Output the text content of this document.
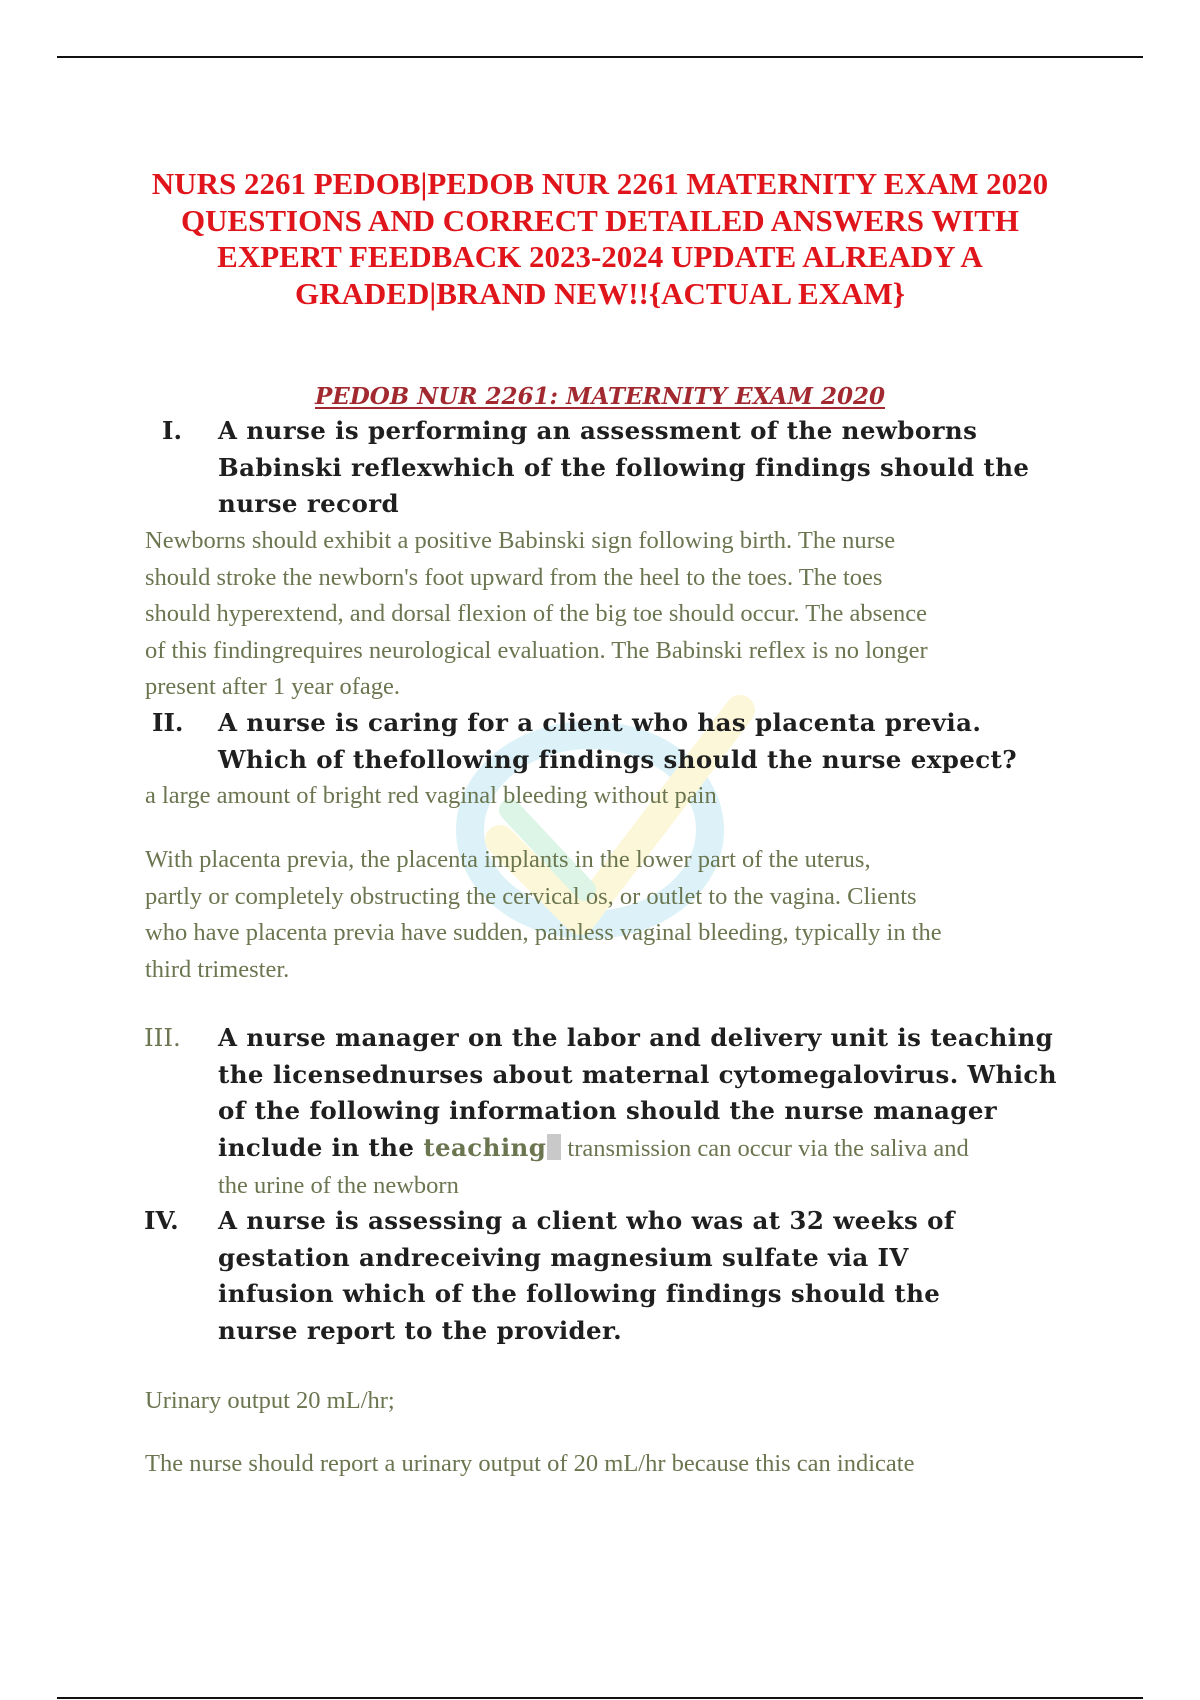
NURS 2261 PEDOB|PEDOB NUR 2261 MATERNITY EXAM 2020
QUESTIONS AND CORRECT DETAILED ANSWERS WITH
EXPERT FEEDBACK 2023-2024 UPDATE ALREADY A
GRADED|BRAND NEW!!{ACTUAL EXAM}
PEDOB NUR 2261: MATERNITY EXAM 2020
I. A nurse is performing an assessment of the newborns
Babinski reflexwhich of the following findings should the
nurse record

Newborns should exhibit a positive Babinski sign following birth. The nurse
should stroke the newborn's foot upward from the heel to the toes. The toes
should hyperextend, and dorsal flexion of the big toe should occur. The absence
of this findingrequires neurological evaluation. The Babinski reflex is no longer
present after 1 year ofage.

II. A nurse is caring for a client who has placenta previa.
Which of thefollowing findings should the nurse expect?

a large amount of bright red vaginal bleeding without pain

With placenta previa, the placenta implants in the lower part of the uterus,
partly or completely obstructing the cervical os, or outlet to the vagina. Clients
who have placenta previa have sudden, painless vaginal bleeding, typically in the
third trimester.

III. A nurse manager on the labor and delivery unit is teaching
the licensednurses about maternal cytomegalovirus. Which
of the following information should the nurse manager
include in the teaching transmission can occur via the saliva and
the urine of the newborn

IV. A nurse is assessing a client who was at 32 weeks of
gestation andreceiving magnesium sulfate via IV
infusion which of the following findings should the
nurse report to the provider.

Urinary output 20 mL/hr;

The nurse should report a urinary output of 20 mL/hr because this can indicate
